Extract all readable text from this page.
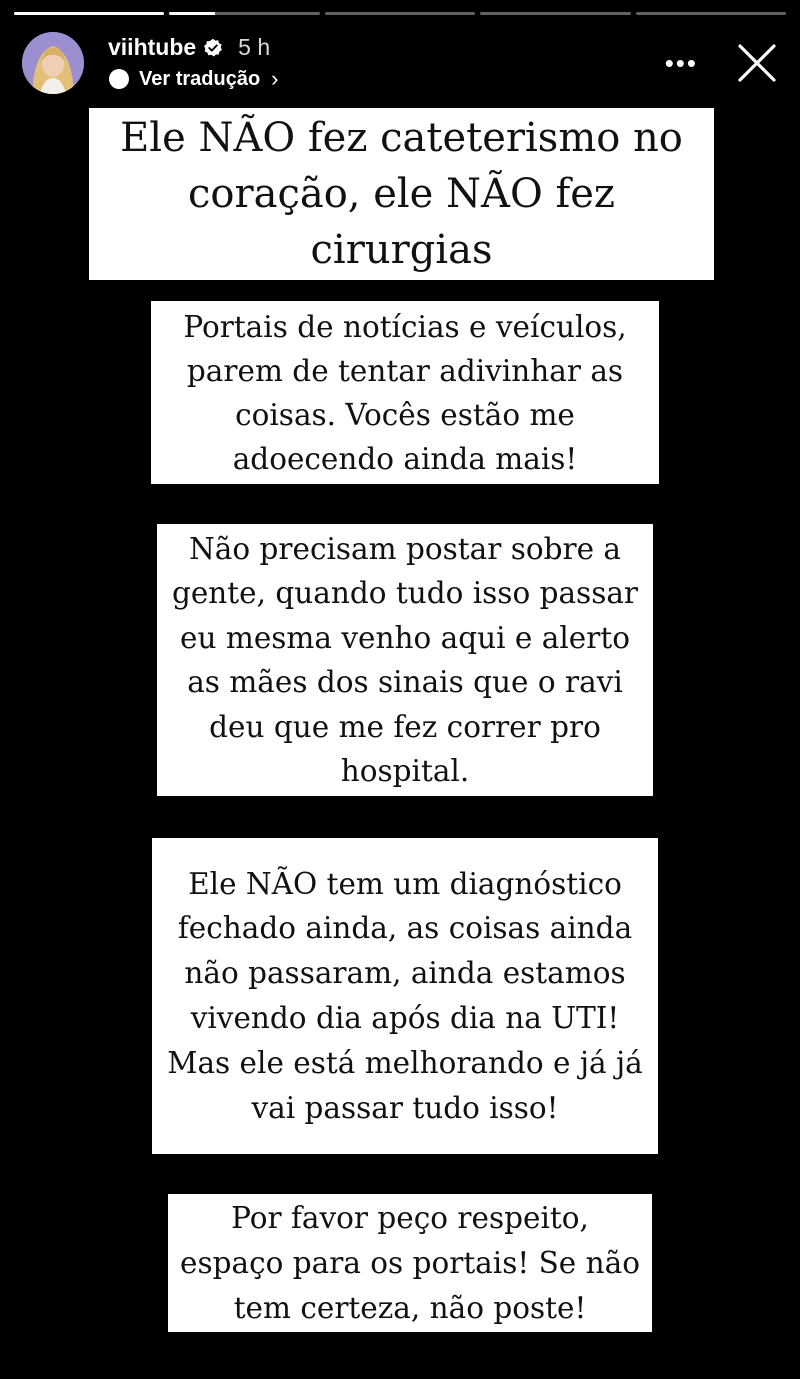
viihtube 5 h
Ver tradução ›
•••

Ele NÃO fez cateterismo no coração, ele NÃO fez cirurgias

Portais de notícias e veículos, parem de tentar adivinhar as coisas. Vocês estão me adoecendo ainda mais!

Não precisam postar sobre a gente, quando tudo isso passar eu mesma venho aqui e alerto as mães dos sinais que o ravi deu que me fez correr pro hospital.

Ele NÃO tem um diagnóstico fechado ainda, as coisas ainda não passaram, ainda estamos vivendo dia após dia na UTI! Mas ele está melhorando e já já vai passar tudo isso!

Por favor peço respeito, espaço para os portais! Se não tem certeza, não poste!
